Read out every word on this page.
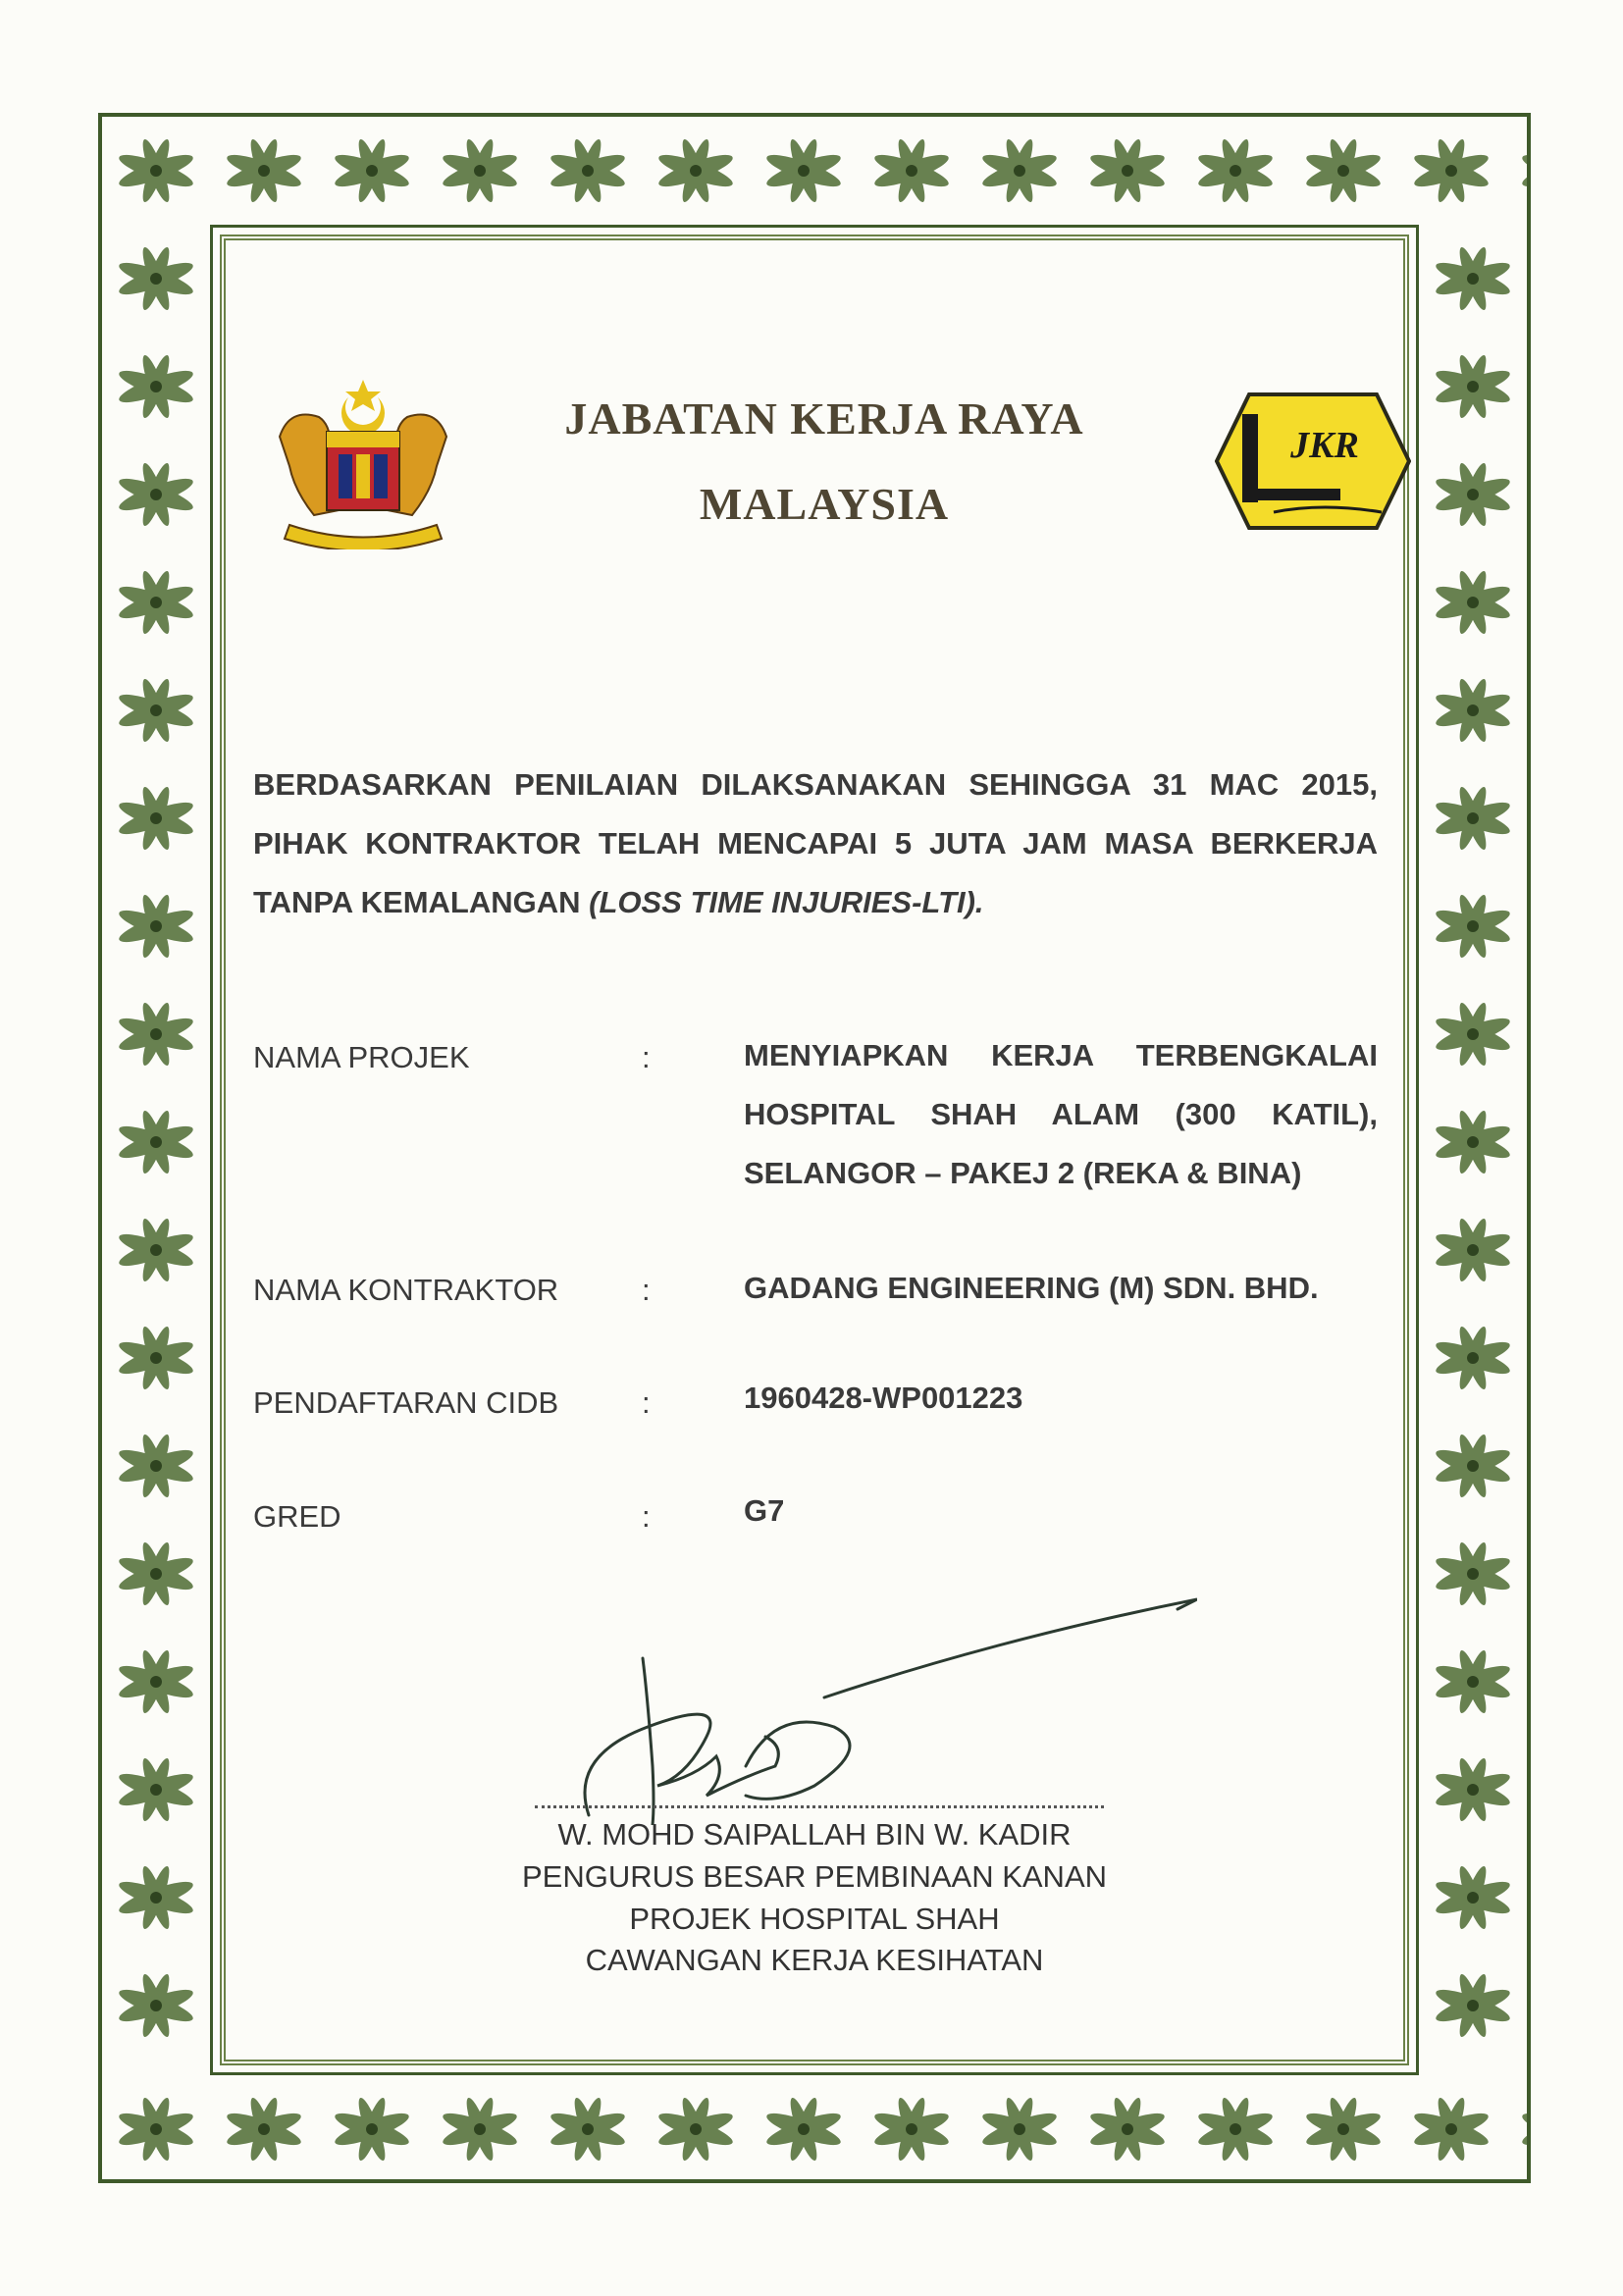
JABATAN KERJA RAYA
MALAYSIA
JKR

BERDASARKAN PENILAIAN DILAKSANAKAN SEHINGGA 31 MAC 2015, PIHAK KONTRAKTOR TELAH MENCAPAI 5 JUTA JAM MASA BERKERJA TANPA KEMALANGAN (LOSS TIME INJURIES-LTI).

NAMA PROJEK	:	MENYIAPKAN KERJA TERBENGKALAI HOSPITAL SHAH ALAM (300 KATIL), SELANGOR – PAKEJ 2 (REKA & BINA)

NAMA KONTRAKTOR	:	GADANG ENGINEERING (M) SDN. BHD.

PENDAFTARAN CIDB	:	1960428-WP001223

GRED	:	G7

W. MOHD SAIPALLAH BIN W. KADIR

PENGURUS BESAR PEMBINAAN KANAN

PROJEK HOSPITAL SHAH

CAWANGAN KERJA KESIHATAN
